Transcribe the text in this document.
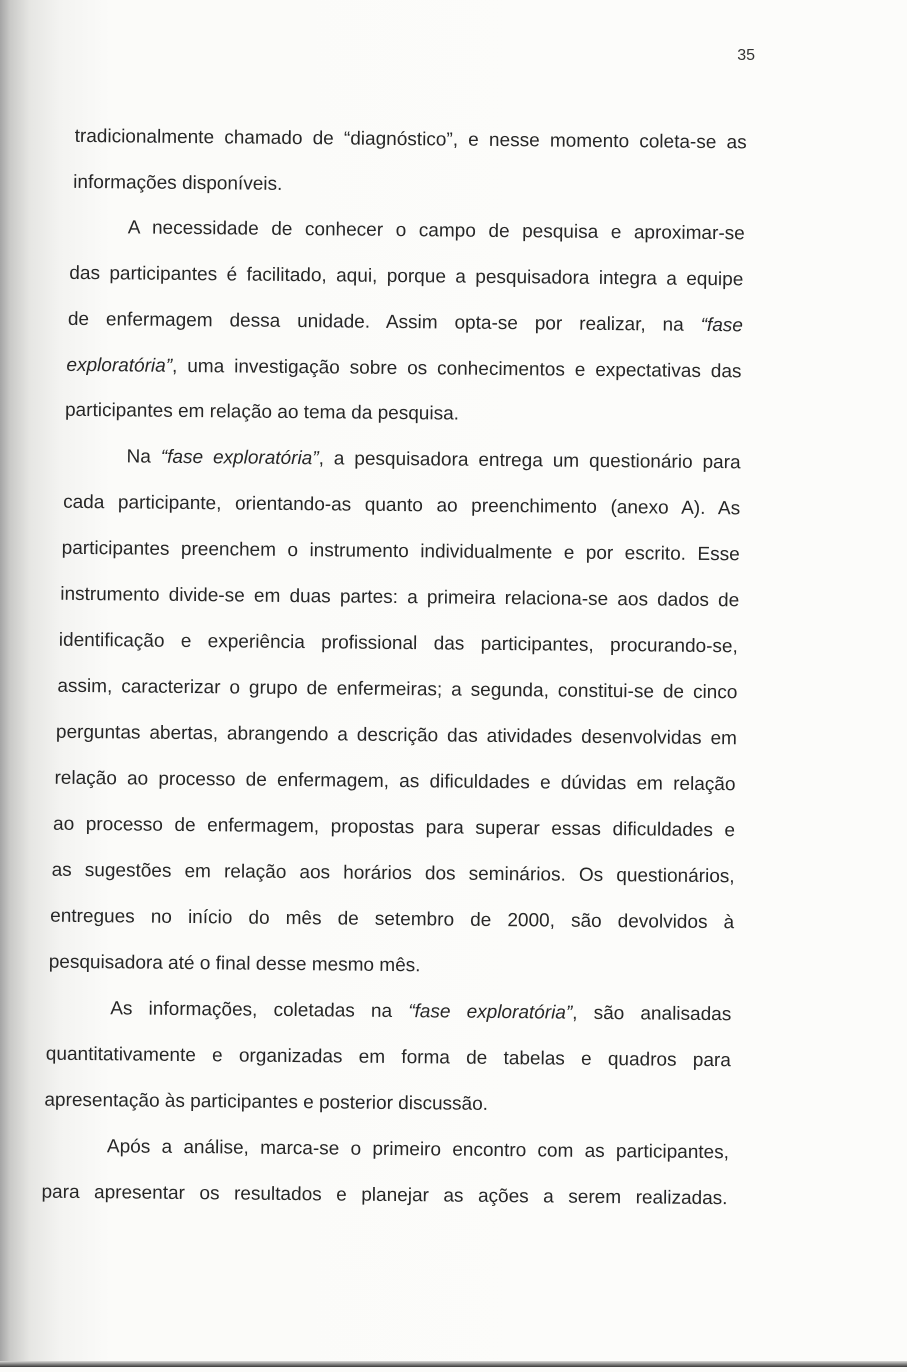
35
tradicionalmente chamado de “diagnóstico”, e nesse momento coleta-se as
informações disponíveis.
A necessidade de conhecer o campo de pesquisa e aproximar-se
das participantes é facilitado, aqui, porque a pesquisadora integra a equipe
de enfermagem dessa unidade. Assim opta-se por realizar, na “fase
exploratória”, uma investigação sobre os conhecimentos e expectativas das
participantes em relação ao tema da pesquisa.
Na “fase exploratória”, a pesquisadora entrega um questionário para
cada participante, orientando-as quanto ao preenchimento (anexo A). As
participantes preenchem o instrumento individualmente e por escrito. Esse
instrumento divide-se em duas partes: a primeira relaciona-se aos dados de
identificação e experiência profissional das participantes, procurando-se,
assim, caracterizar o grupo de enfermeiras; a segunda, constitui-se de cinco
perguntas abertas, abrangendo a descrição das atividades desenvolvidas em
relação ao processo de enfermagem, as dificuldades e dúvidas em relação
ao processo de enfermagem, propostas para superar essas dificuldades e
as sugestões em relação aos horários dos seminários. Os questionários,
entregues no início do mês de setembro de 2000, são devolvidos à
pesquisadora até o final desse mesmo mês.
As informações, coletadas na “fase exploratória”, são analisadas
quantitativamente e organizadas em forma de tabelas e quadros para
apresentação às participantes e posterior discussão.
Após a análise, marca-se o primeiro encontro com as participantes,
para apresentar os resultados e planejar as ações a serem realizadas.
